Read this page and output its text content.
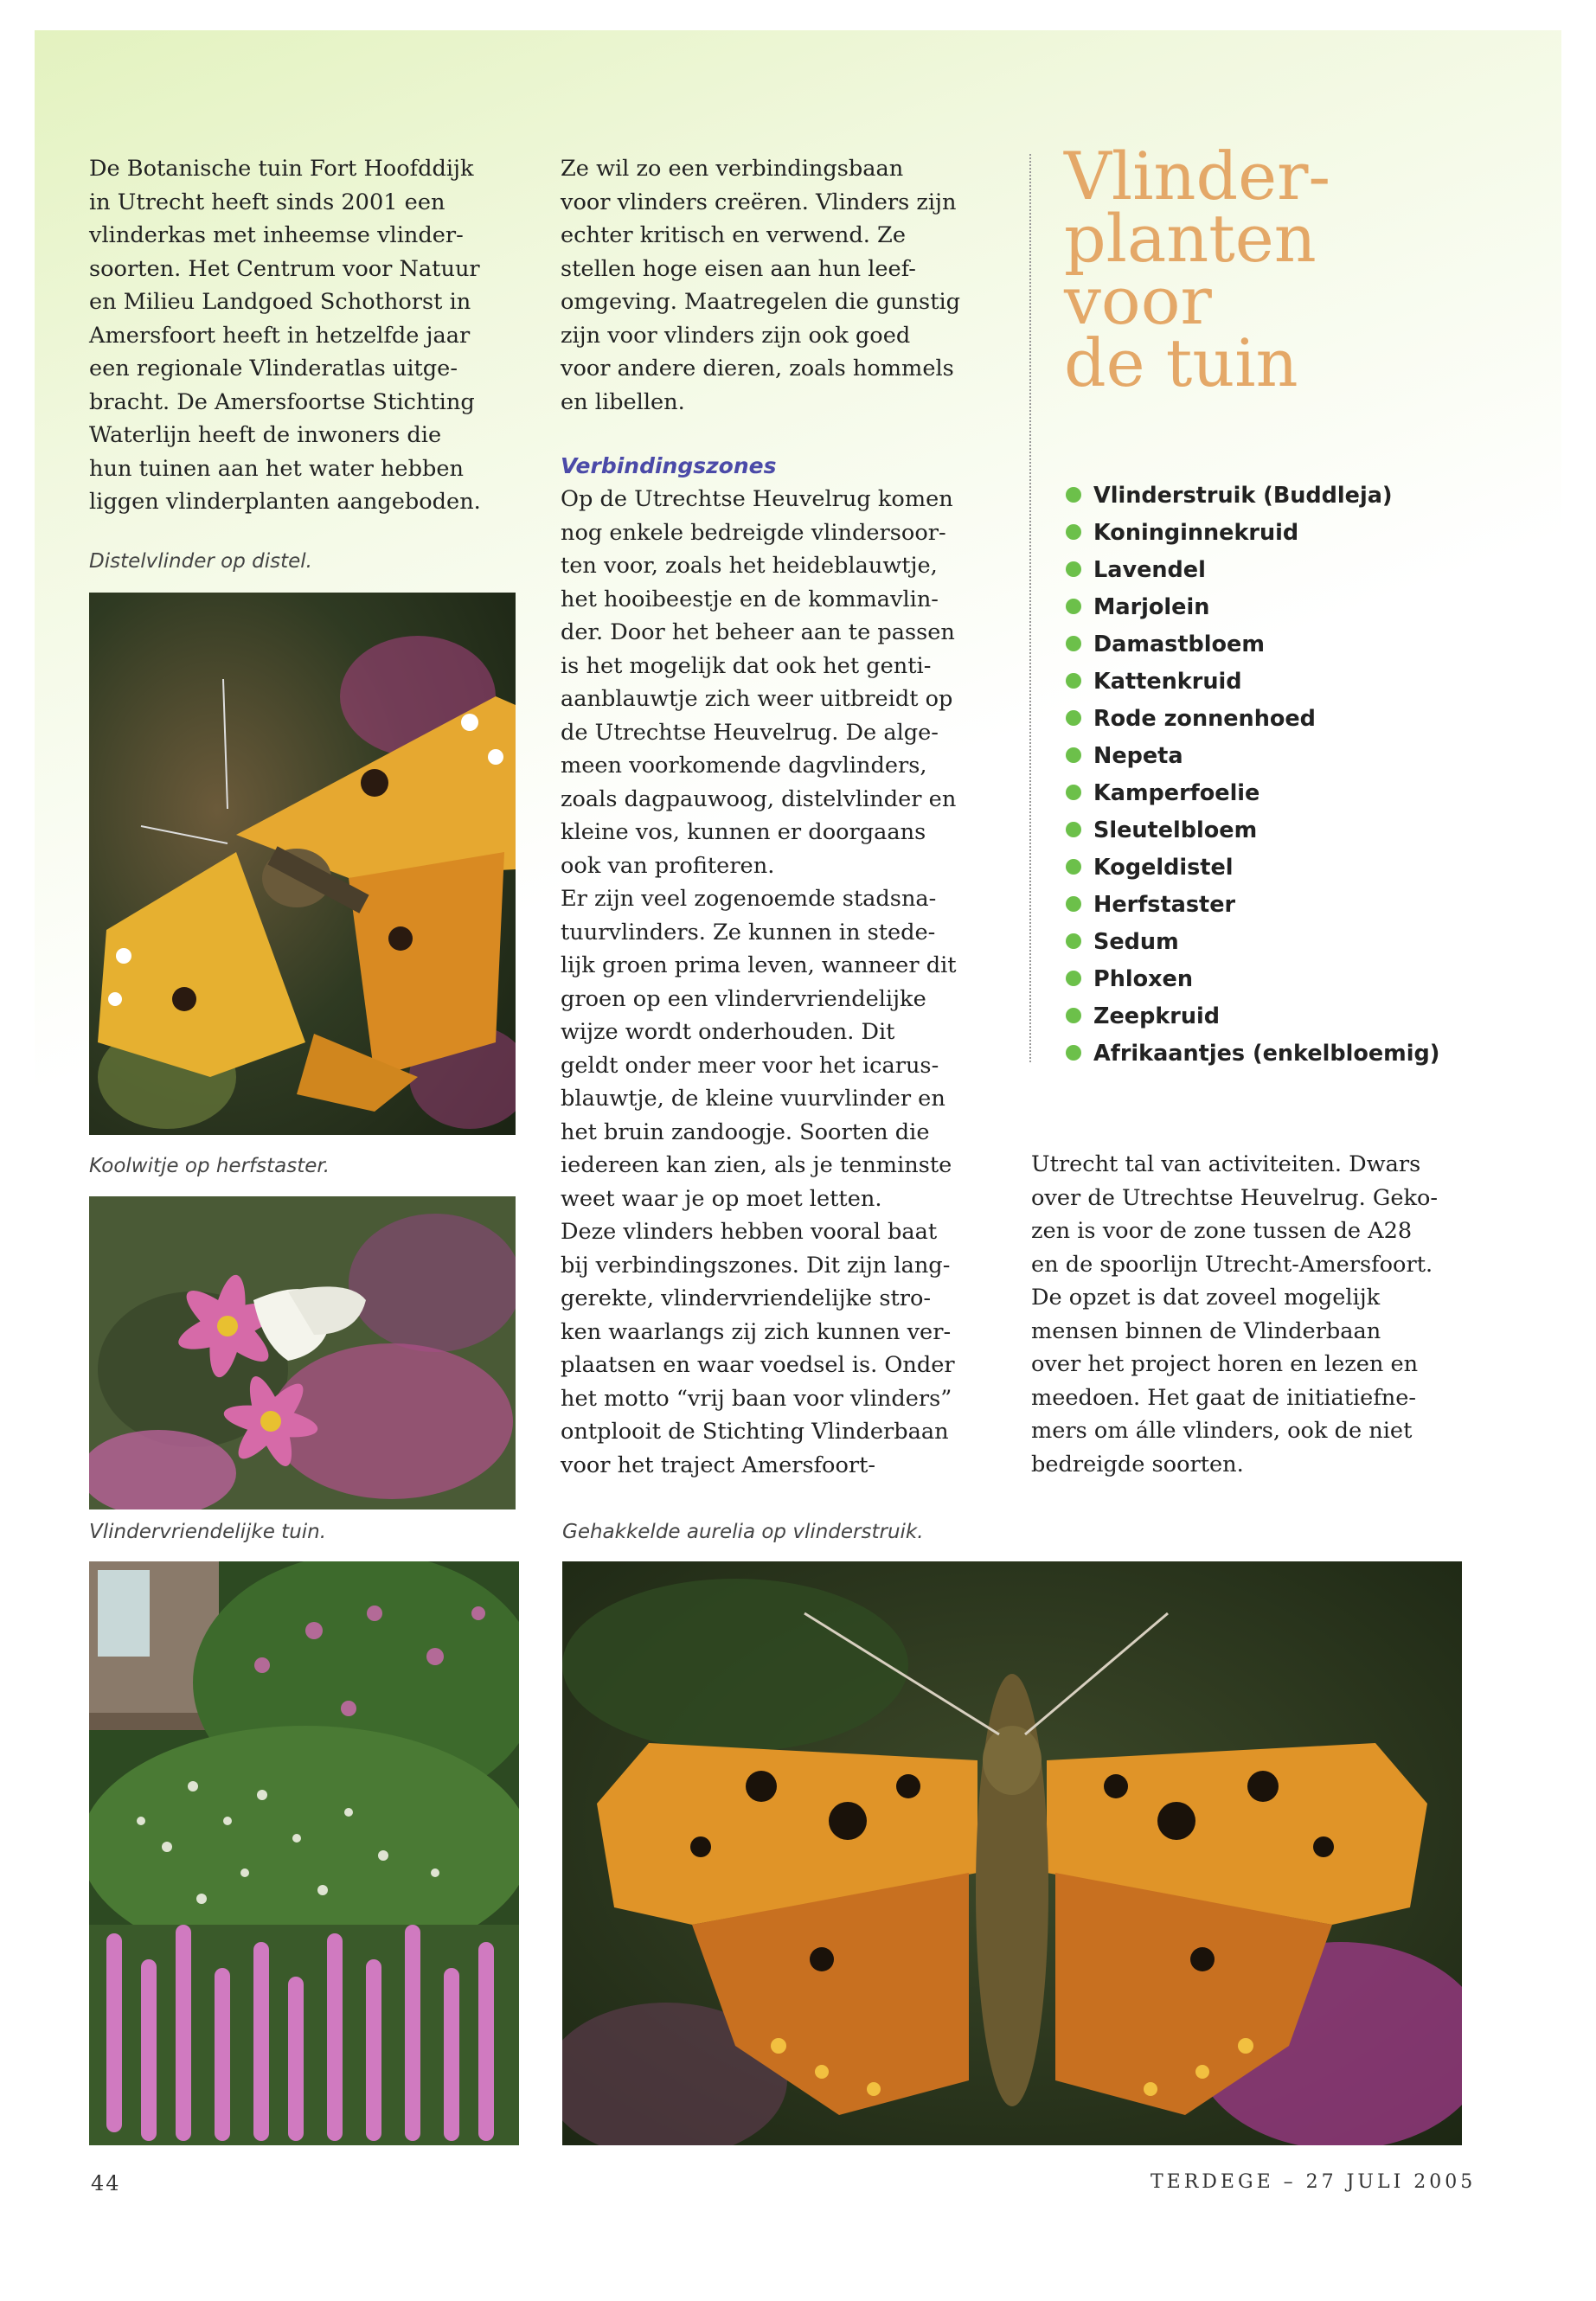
De Botanische tuin Fort Hoofddijk

in Utrecht heeft sinds 2001 een

vlinderkas met inheemse vlinder-

soorten. Het Centrum voor Natuur

en Milieu Landgoed Schothorst in

Amersfoort heeft in hetzelfde jaar

een regionale Vlinderatlas uitge-

bracht. De Amersfoortse Stichting

Waterlijn heeft de inwoners die

hun tuinen aan het water hebben

liggen vlinderplanten aangeboden.

Distelvlinder op distel.
Koolwitje op herfstaster.
Vlindervriendelijke tuin.

Ze wil zo een verbindingsbaan

voor vlinders creëren. Vlinders zijn

echter kritisch en verwend. Ze

stellen hoge eisen aan hun leef-

omgeving. Maatregelen die gunstig

zijn voor vlinders zijn ook goed

voor andere dieren, zoals hommels

en libellen.

Verbindingszones

Op de Utrechtse Heuvelrug komen

nog enkele bedreigde vlindersoor-

ten voor, zoals het heideblauwtje,

het hooibeestje en de kommavlin-

der. Door het beheer aan te passen

is het mogelijk dat ook het genti-

aanblauwtje zich weer uitbreidt op

de Utrechtse Heuvelrug. De alge-

meen voorkomende dagvlinders,

zoals dagpauwoog, distelvlinder en

kleine vos, kunnen er doorgaans

ook van profiteren.

Er zijn veel zogenoemde stadsna-

tuurvlinders. Ze kunnen in stede-

lijk groen prima leven, wanneer dit

groen op een vlindervriendelijke

wijze wordt onderhouden. Dit

geldt onder meer voor het icarus-

blauwtje, de kleine vuurvlinder en

het bruin zandoogje. Soorten die

iedereen kan zien, als je tenminste

weet waar je op moet letten.

Deze vlinders hebben vooral baat

bij verbindingszones. Dit zijn lang-

gerekte, vlindervriendelijke stro-

ken waarlangs zij zich kunnen ver-

plaatsen en waar voedsel is. Onder

het motto “vrij baan voor vlinders”

ontplooit de Stichting Vlinderbaan

voor het traject Amersfoort-

Gehakkelde aurelia op vlinderstruik.
Vlinder-
planten
voor
de tuin
Vlinderstruik (Buddleja)
Koninginnekruid
Lavendel
Marjolein
Damastbloem
Kattenkruid
Rode zonnenhoed
Nepeta
Kamperfoelie
Sleutelbloem
Kogeldistel
Herfstaster
Sedum
Phloxen
Zeepkruid
Afrikaantjes (enkelbloemig)

Utrecht tal van activiteiten. Dwars

over de Utrechtse Heuvelrug. Geko-

zen is voor de zone tussen de A28

en de spoorlijn Utrecht-Amersfoort.

De opzet is dat zoveel mogelijk

mensen binnen de Vlinderbaan

over het project horen en lezen en

meedoen. Het gaat de initiatiefne-

mers om álle vlinders, ook de niet

bedreigde soorten.

44	TERDEGE – 27 JULI 2005
